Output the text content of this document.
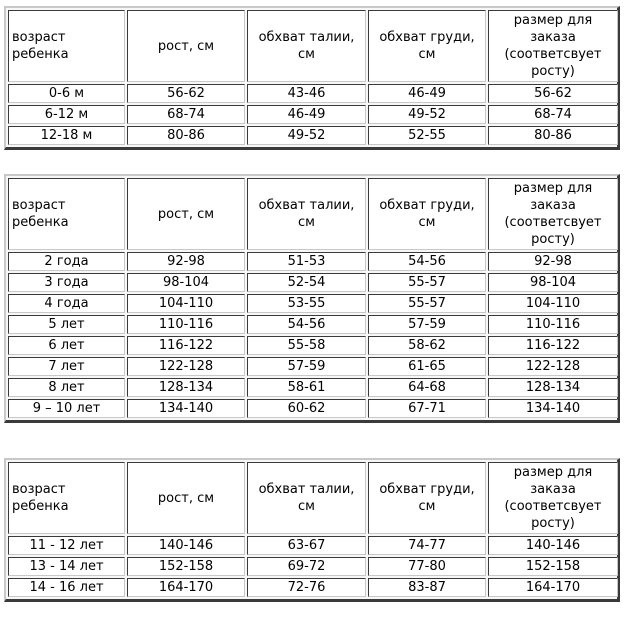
возраст ребенка	рост, см	обхват талии, см	обхват груди, см	размер для заказа (соответсвует росту)
0-6 м	56-62	43-46	46-49	56-62
6-12 м	68-74	46-49	49-52	68-74
12-18 м	80-86	49-52	52-55	80-86
возраст ребенка	рост, см	обхват талии, см	обхват груди, см	размер для заказа (соответсвует росту)
2 года	92-98	51-53	54-56	92-98
3 года	98-104	52-54	55-57	98-104
4 года	104-110	53-55	55-57	104-110
5 лет	110-116	54-56	57-59	110-116
6 лет	116-122	55-58	58-62	116-122
7 лет	122-128	57-59	61-65	122-128
8 лет	128-134	58-61	64-68	128-134
9 – 10 лет	134-140	60-62	67-71	134-140
возраст ребенка	рост, см	обхват талии, см	обхват груди, см	размер для заказа (соответсвует росту)
11 - 12 лет	140-146	63-67	74-77	140-146
13 - 14 лет	152-158	69-72	77-80	152-158
14 - 16 лет	164-170	72-76	83-87	164-170
